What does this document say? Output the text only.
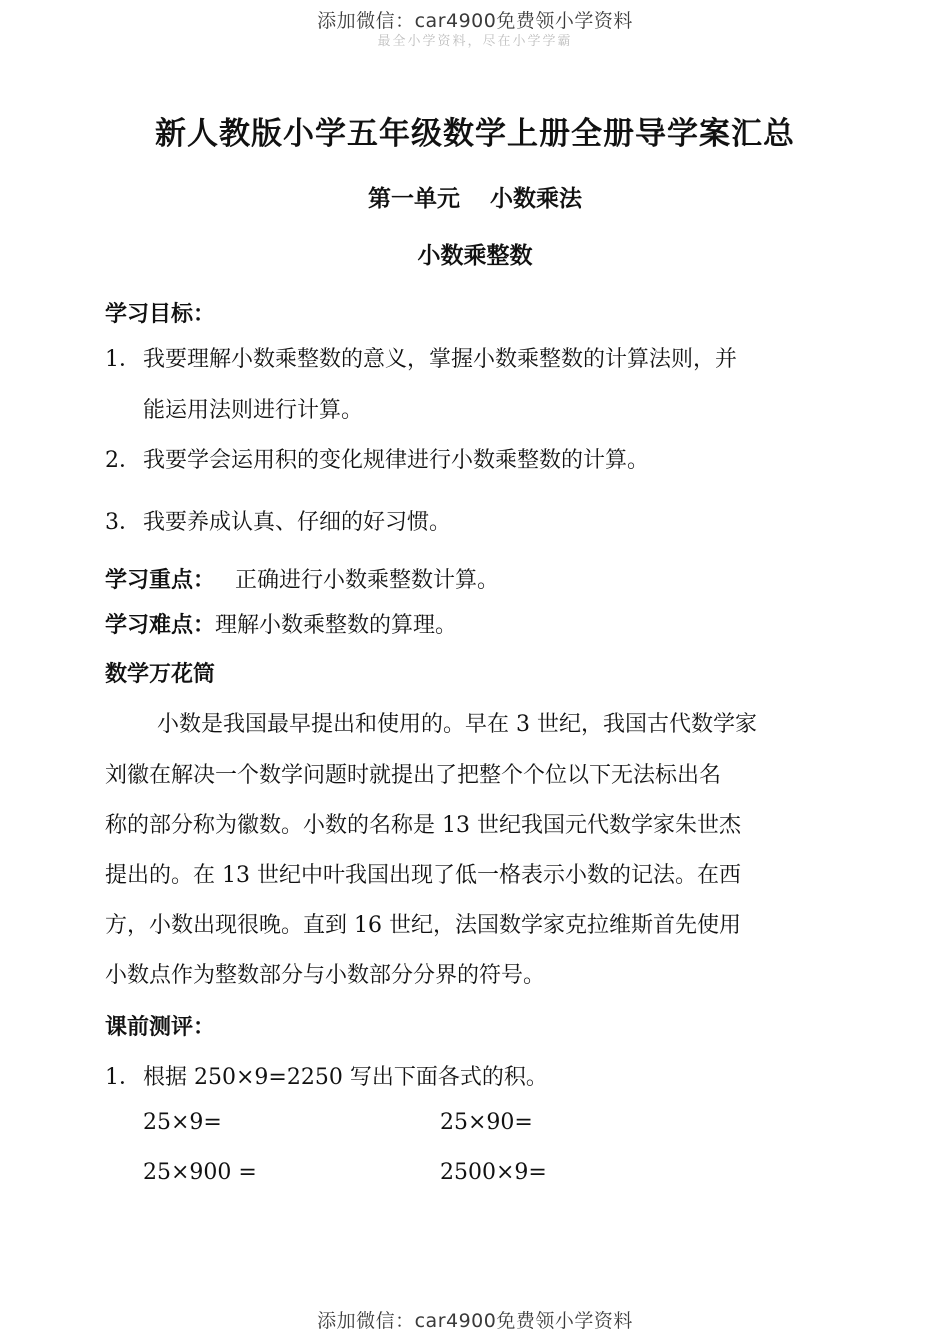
添加微信：car4900免费领小学资料
最全小学资料，尽在小学学霸
新人教版小学五年级数学上册全册导学案汇总
第一单元 小数乘法
小数乘整数
学习目标：
1．我要理解小数乘整数的意义，掌握小数乘整数的计算法则，并
能运用法则进行计算。
2．我要学会运用积的变化规律进行小数乘整数的计算。
3．我要养成认真、仔细的好习惯。
学习重点： 正确进行小数乘整数计算。
学习难点：理解小数乘整数的算理。
数学万花筒
小数是我国最早提出和使用的。早在 3 世纪，我国古代数学家
刘徽在解决一个数学问题时就提出了把整个个位以下无法标出名
称的部分称为徽数。小数的名称是 13 世纪我国元代数学家朱世杰
提出的。在 13 世纪中叶我国出现了低一格表示小数的记法。在西
方，小数出现很晚。直到 16 世纪，法国数学家克拉维斯首先使用
小数点作为整数部分与小数部分分界的符号。
课前测评：
1．根据 250×9=2250 写出下面各式的积。
25×9=	25×90=
25×900 =	2500×9=
添加微信：car4900免费领小学资料
